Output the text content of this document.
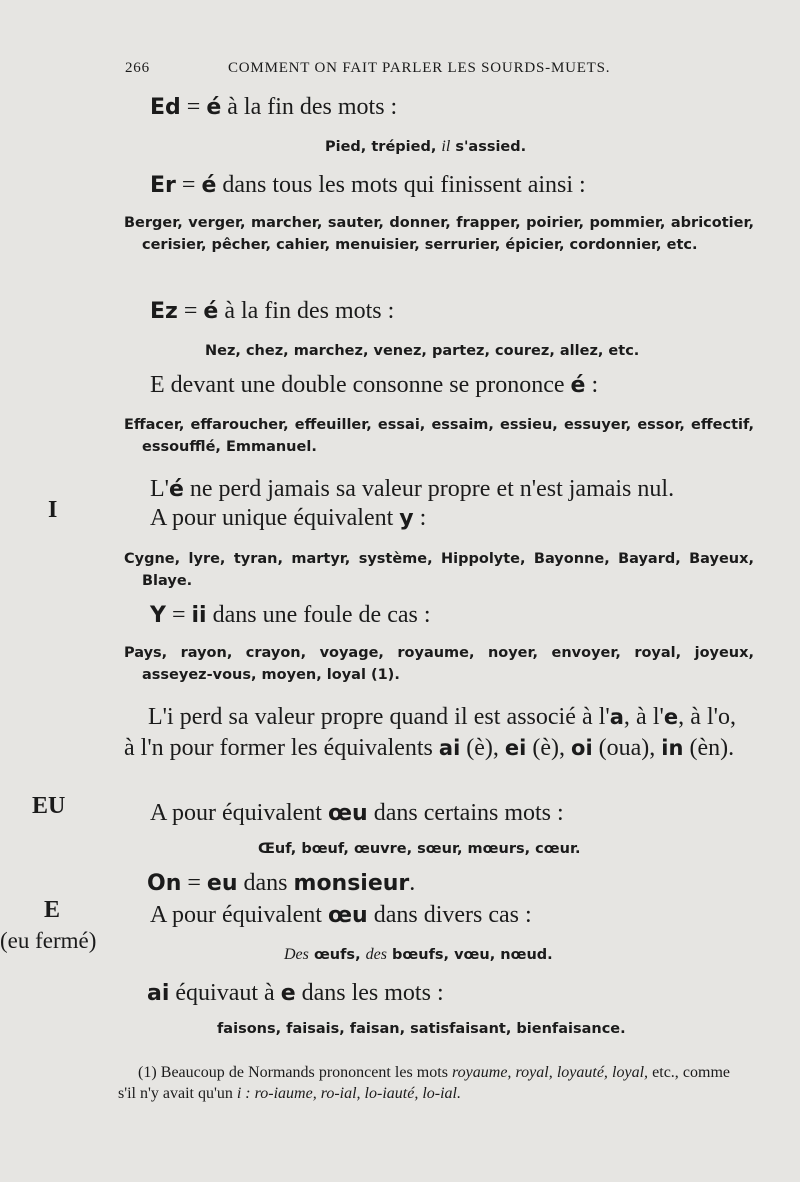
266	COMMENT ON FAIT PARLER LES SOURDS-MUETS.
Ed = é à la fin des mots :
Pied, trépied, il s'assied.
Er = é dans tous les mots qui finissent ainsi :
Berger, verger, marcher, sauter, donner, frapper, poirier, pommier, abricotier, cerisier, pêcher, cahier, menuisier, serrurier, épicier, cordonnier, etc.
Ez = é à la fin des mots :
Nez, chez, marchez, venez, partez, courez, allez, etc.
E devant une double consonne se prononce é :
Effacer, effaroucher, effeuiller, essai, essaim, essieu, essuyer, essor, effectif, essoufflé, Emmanuel.
L'é ne perd jamais sa valeur propre et n'est jamais nul.
I	A pour unique équivalent y :
Cygne, lyre, tyran, martyr, système, Hippolyte, Bayonne, Bayard, Bayeux, Blaye.
Y = ii dans une foule de cas :
Pays, rayon, crayon, voyage, royaume, noyer, envoyer, royal, joyeux, asseyez-vous, moyen, loyal (1).
L'i perd sa valeur propre quand il est associé à l'a, à l'e, à l'o, à l'n pour former les équivalents ai (è), ei (è), oi (oua), in (èn).
EU	A pour équivalent œu dans certains mots :
Œuf, bœuf, œuvre, sœur, mœurs, cœur.
On = eu dans monsieur.
E
(eu fermé)
A pour équivalent œu dans divers cas :
Des œufs, des bœufs, vœu, nœud.
ai équivaut à e dans les mots :
faisons, faisais, faisan, satisfaisant, bienfaisance.
(1) Beaucoup de Normands prononcent les mots royaume, royal, loyauté, loyal, etc., comme s'il n'y avait qu'un i : ro-iaume, ro-ial, lo-iauté, lo-ial.
